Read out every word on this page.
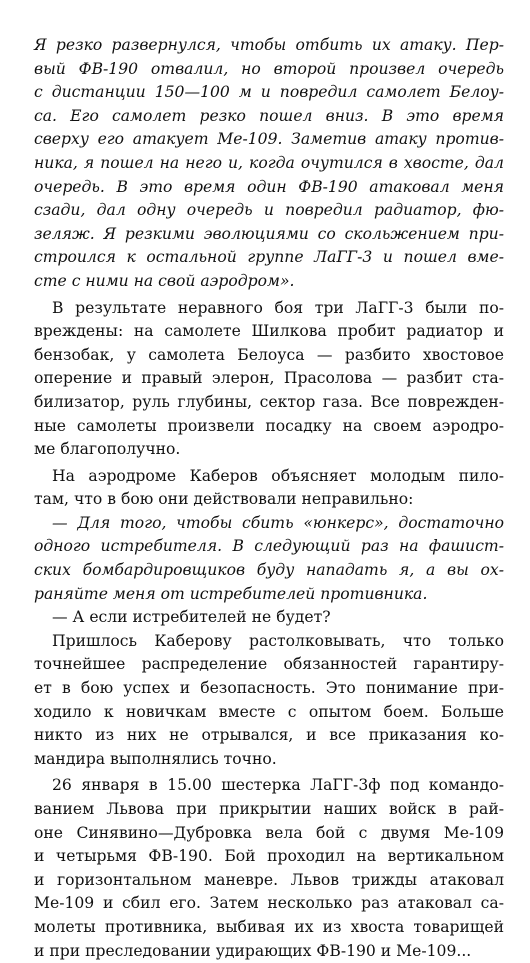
Я резко развернулся, чтобы отбить их атаку. Пер-
вый ФВ-190 отвалил, но второй произвел очередь
с дистанции 150—100 м и повредил самолет Белоу-
са. Его самолет резко пошел вниз. В это время
сверху его атакует Ме-109. Заметив атаку против-
ника, я пошел на него и, когда очутился в хвосте, дал
очередь. В это время один ФВ-190 атаковал меня
сзади, дал одну очередь и повредил радиатор, фю-
зеляж. Я резкими эволюциями со скольжением при-
строился к остальной группе ЛаГГ-3 и пошел вме-
сте с ними на свой аэродром».
В результате неравного боя три ЛаГГ-3 были по-
вреждены: на самолете Шилкова пробит радиатор и
бензобак, у самолета Белоуса — разбито хвостовое
оперение и правый элерон, Прасолова — разбит ста-
билизатор, руль глубины, сектор газа. Все поврежден-
ные самолеты произвели посадку на своем аэродро-
ме благополучно.
На аэродроме Каберов объясняет молодым пило-
там, что в бою они действовали неправильно:
— Для того, чтобы сбить «юнкерс», достаточно
одного истребителя. В следующий раз на фашист-
ских бомбардировщиков буду нападать я, а вы ох-
раняйте меня от истребителей противника.
— А если истребителей не будет?
Пришлось Каберову растолковывать, что только
точнейшее распределение обязанностей гарантиру-
ет в бою успех и безопасность. Это понимание при-
ходило к новичкам вместе с опытом боем. Больше
никто из них не отрывался, и все приказания ко-
мандира выполнялись точно.
26 января в 15.00 шестерка ЛаГГ-3ф под командо-
ванием Львова при прикрытии наших войск в рай-
оне Синявино—Дубровка вела бой с двумя Ме-109
и четырьмя ФВ-190. Бой проходил на вертикальном
и горизонтальном маневре. Львов трижды атаковал
Ме-109 и сбил его. Затем несколько раз атаковал са-
молеты противника, выбивая их из хвоста товарищей
и при преследовании удирающих ФВ-190 и Ме-109...
